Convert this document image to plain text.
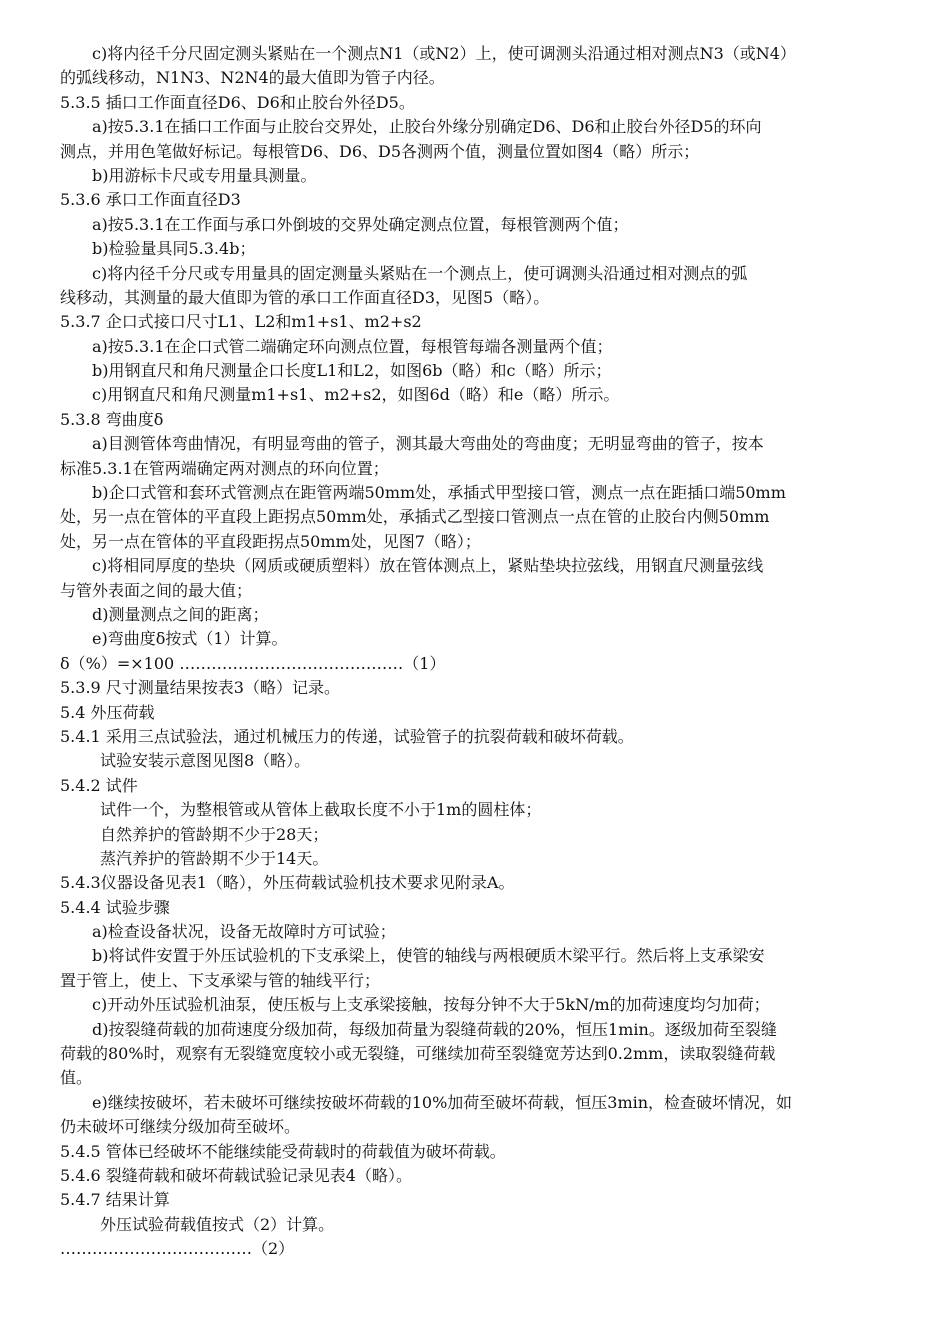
c)将内径千分尺固定测头紧贴在一个测点N1（或N2）上，使可调测头沿通过相对测点N3（或N4）
的弧线移动，N1N3、N2N4的最大值即为管子内径。
5.3.5 插口工作面直径D6、D6和止胶台外径D5。
a)按5.3.1在插口工作面与止胶台交界处，止胶台外缘分别确定D6、D6和止胶台外径D5的环向
测点，并用色笔做好标记。每根管D6、D6、D5各测两个值，测量位置如图4（略）所示；
b)用游标卡尺或专用量具测量。
5.3.6 承口工作面直径D3
a)按5.3.1在工作面与承口外倒坡的交界处确定测点位置，每根管测两个值；
b)检验量具同5.3.4b；
c)将内径千分尺或专用量具的固定测量头紧贴在一个测点上，使可调测头沿通过相对测点的弧
线移动，其测量的最大值即为管的承口工作面直径D3，见图5（略）。
5.3.7 企口式接口尺寸L1、L2和m1+s1、m2+s2
a)按5.3.1在企口式管二端确定环向测点位置，每根管每端各测量两个值；
b)用钢直尺和角尺测量企口长度L1和L2，如图6b（略）和c（略）所示；
c)用钢直尺和角尺测量m1+s1、m2+s2，如图6d（略）和e（略）所示。
5.3.8 弯曲度δ
a)目测管体弯曲情况，有明显弯曲的管子，测其最大弯曲处的弯曲度；无明显弯曲的管子，按本
标准5.3.1在管两端确定两对测点的环向位置；
b)企口式管和套环式管测点在距管两端50mm处，承插式甲型接口管，测点一点在距插口端50mm
处，另一点在管体的平直段上距拐点50mm处，承插式乙型接口管测点一点在管的止胶台内侧50mm
处，另一点在管体的平直段距拐点50mm处，见图7（略）；
c)将相同厚度的垫块（网质或硬质塑料）放在管体测点上，紧贴垫块拉弦线，用钢直尺测量弦线
与管外表面之间的最大值；
d)测量测点之间的距离；
e)弯曲度δ按式（1）计算。
δ（%）=×100 ……………………………………（1）
5.3.9 尺寸测量结果按表3（略）记录。
5.4 外压荷载
5.4.1 采用三点试验法，通过机械压力的传递，试验管子的抗裂荷载和破坏荷载。
试验安装示意图见图8（略）。
5.4.2 试件
试件一个，为整根管或从管体上截取长度不小于1m的圆柱体；
自然养护的管龄期不少于28天；
蒸汽养护的管龄期不少于14天。
5.4.3仪器设备见表1（略），外压荷载试验机技术要求见附录A。
5.4.4 试验步骤
a)检查设备状况，设备无故障时方可试验；
b)将试件安置于外压试验机的下支承梁上，使管的轴线与两根硬质木梁平行。然后将上支承梁安
置于管上，使上、下支承梁与管的轴线平行；
c)开动外压试验机油泵，使压板与上支承梁接触，按每分钟不大于5kN/m的加荷速度均匀加荷；
d)按裂缝荷载的加荷速度分级加荷，每级加荷量为裂缝荷载的20%，恒压1min。逐级加荷至裂缝
荷载的80%时，观察有无裂缝宽度较小或无裂缝，可继续加荷至裂缝宽芳达到0.2mm，读取裂缝荷载
值。
e)继续按破坏，若未破坏可继续按破坏荷载的10%加荷至破坏荷载，恒压3min，检查破坏情况，如
仍未破坏可继续分级加荷至破坏。
5.4.5 管体已经破坏不能继续能受荷载时的荷载值为破坏荷载。
5.4.6 裂缝荷载和破坏荷载试验记录见表4（略）。
5.4.7 结果计算
外压试验荷载值按式（2）计算。
………………………………（2）
